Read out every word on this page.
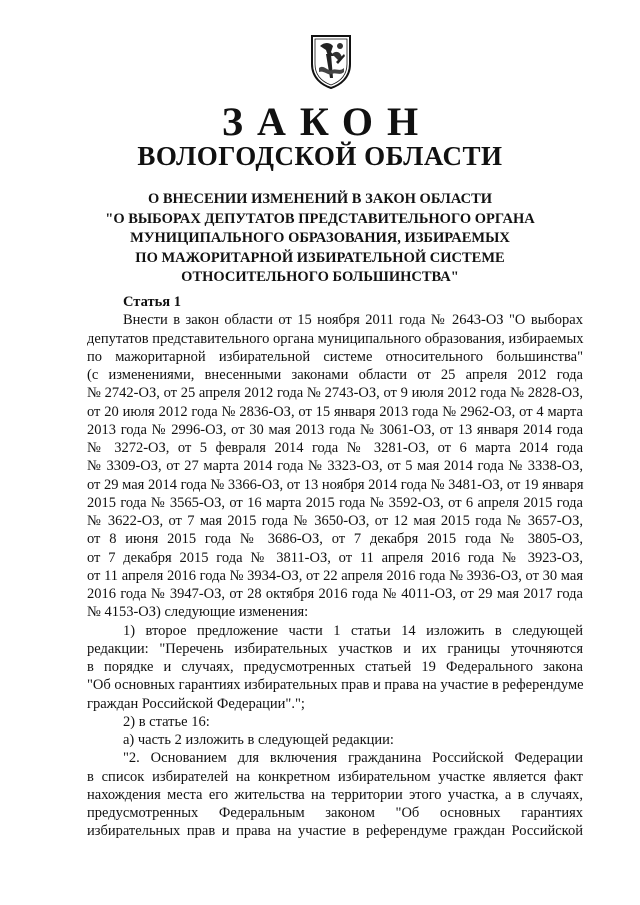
ЗАКОН
ВОЛОГОДСКОЙ ОБЛАСТИ
О ВНЕСЕНИИ ИЗМЕНЕНИЙ В ЗАКОН ОБЛАСТИ
"О ВЫБОРАХ ДЕПУТАТОВ ПРЕДСТАВИТЕЛЬНОГО ОРГАНА
МУНИЦИПАЛЬНОГО ОБРАЗОВАНИЯ, ИЗБИРАЕМЫХ
ПО МАЖОРИТАРНОЙ ИЗБИРАТЕЛЬНОЙ СИСТЕМЕ
ОТНОСИТЕЛЬНОГО БОЛЬШИНСТВА"
Статья 1
Внести в закон области от 15 ноября 2011 года № 2643-ОЗ "О выборах
депутатов представительного органа муниципального образования, избираемых
по мажоритарной избирательной системе относительного большинства"
(с изменениями, внесенными законами области от 25 апреля 2012 года
№ 2742-ОЗ, от 25 апреля 2012 года № 2743-ОЗ, от 9 июля 2012 года № 2828-ОЗ,
от 20 июля 2012 года № 2836-ОЗ, от 15 января 2013 года № 2962-ОЗ, от 4 марта
2013 года № 2996-ОЗ, от 30 мая 2013 года № 3061-ОЗ, от 13 января 2014 года
№ 3272-ОЗ, от 5 февраля 2014 года № 3281-ОЗ, от 6 марта 2014 года
№ 3309-ОЗ, от 27 марта 2014 года № 3323-ОЗ, от 5 мая 2014 года № 3338-ОЗ,
от 29 мая 2014 года № 3366-ОЗ, от 13 ноября 2014 года № 3481-ОЗ, от 19 января
2015 года № 3565-ОЗ, от 16 марта 2015 года № 3592-ОЗ, от 6 апреля 2015 года
№ 3622-ОЗ, от 7 мая 2015 года № 3650-ОЗ, от 12 мая 2015 года № 3657-ОЗ,
от 8 июня 2015 года № 3686-ОЗ, от 7 декабря 2015 года № 3805-ОЗ,
от 7 декабря 2015 года № 3811-ОЗ, от 11 апреля 2016 года № 3923-ОЗ,
от 11 апреля 2016 года № 3934-ОЗ, от 22 апреля 2016 года № 3936-ОЗ, от 30 мая
2016 года № 3947-ОЗ, от 28 октября 2016 года № 4011-ОЗ, от 29 мая 2017 года
№ 4153-ОЗ) следующие изменения:
1) второе предложение части 1 статьи 14 изложить в следующей
редакции: "Перечень избирательных участков и их границы уточняются
в порядке и случаях, предусмотренных статьей 19 Федерального закона
"Об основных гарантиях избирательных прав и права на участие в референдуме
граждан Российской Федерации".";
2) в статье 16:
а) часть 2 изложить в следующей редакции:
"2. Основанием для включения гражданина Российской Федерации
в список избирателей на конкретном избирательном участке является факт
нахождения места его жительства на территории этого участка, а в случаях,
предусмотренных Федеральным законом "Об основных гарантиях
избирательных прав и права на участие в референдуме граждан Российской
